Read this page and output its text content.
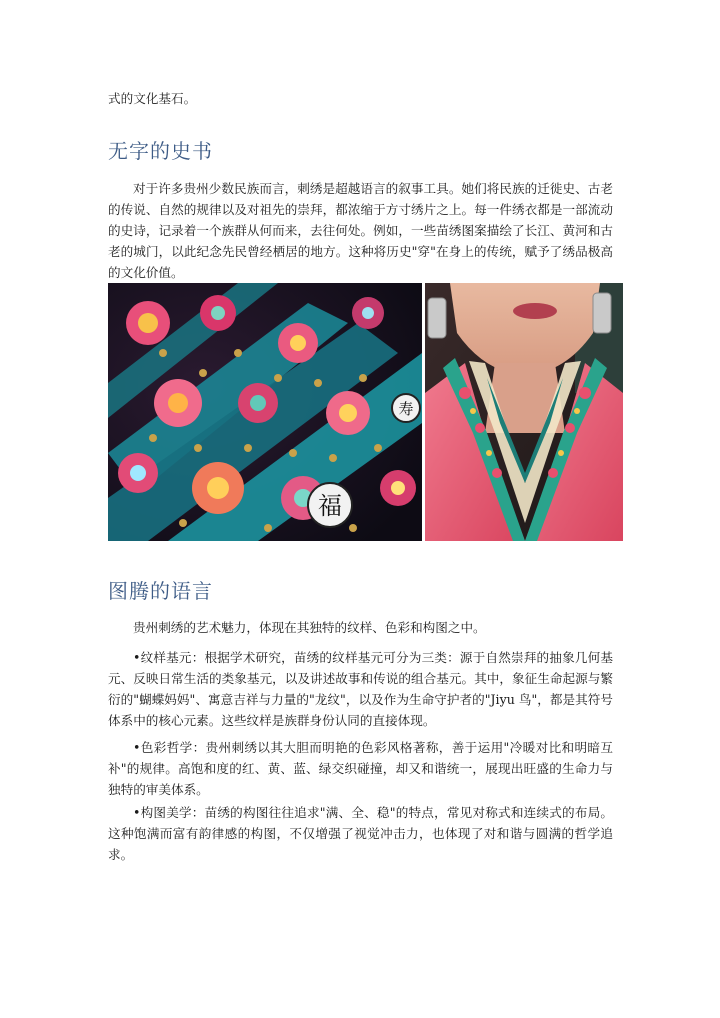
式的文化基石。

无字的史书

对于许多贵州少数民族而言，刺绣是超越语言的叙事工具。她们将民族的迁徙史、古老的传说、自然的规律以及对祖先的崇拜，都浓缩于方寸绣片之上。每一件绣衣都是一部流动的史诗，记录着一个族群从何而来，去往何处。例如，一些苗绣图案描绘了长江、黄河和古老的城门，以此纪念先民曾经栖居的地方。这种将历史"穿"在身上的传统，赋予了绣品极高的文化价值。

福
寿
图腾的语言

贵州刺绣的艺术魅力，体现在其独特的纹样、色彩和构图之中。

•纹样基元：根据学术研究，苗绣的纹样基元可分为三类：源于自然崇拜的抽象几何基元、反映日常生活的类象基元，以及讲述故事和传说的组合基元。其中，象征生命起源与繁衍的"蝴蝶妈妈"、寓意吉祥与力量的"龙纹"，以及作为生命守护者的"Jiyu 鸟"，都是其符号体系中的核心元素。这些纹样是族群身份认同的直接体现。

•色彩哲学：贵州刺绣以其大胆而明艳的色彩风格著称，善于运用"冷暖对比和明暗互补"的规律。高饱和度的红、黄、蓝、绿交织碰撞，却又和谐统一，展现出旺盛的生命力与独特的审美体系。

•构图美学：苗绣的构图往往追求"满、全、稳"的特点，常见对称式和连续式的布局。这种饱满而富有韵律感的构图，不仅增强了视觉冲击力，也体现了对和谐与圆满的哲学追求。
